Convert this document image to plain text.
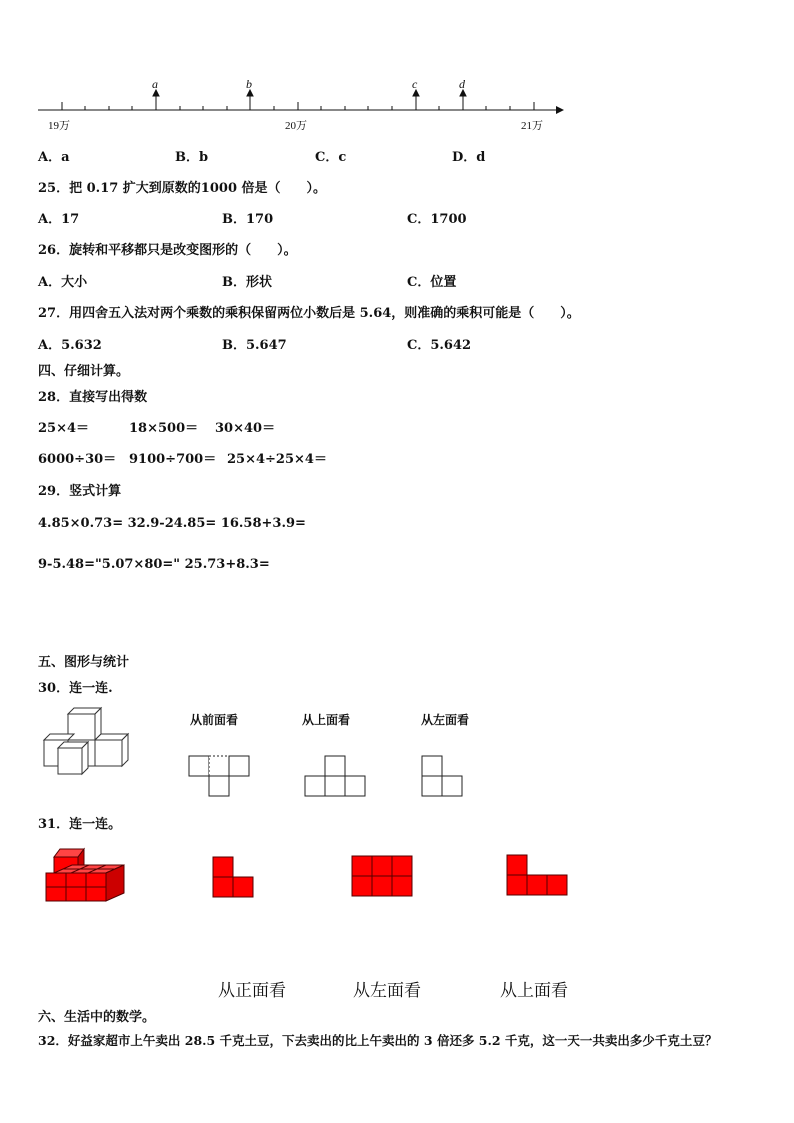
a	b	c	d
19万	20万	21万
A．a	B．b	C．c	D．d
25．把 0.17 扩大到原数的1000 倍是（　　）。
A．17	B．170	C．1700
26．旋转和平移都只是改变图形的（　　）。
A．大小	B．形状	C．位置
27．用四舍五入法对两个乘数的乘积保留两位小数后是 5.64，则准确的乘积可能是（　　）。
A．5.632	B．5.647	C．5.642
四、仔细计算。
28．直接写出得数
25×4＝	18×500＝ 30×40＝
6000÷30＝ 9100÷700＝ 25×4÷25×4＝
29．竖式计算
4.85×0.73= 32.9-24.85= 16.58+3.9=
9-5.48="5.07×80=" 25.73+8.3=
五、图形与统计
30．连一连.
从前面看	从上面看	从左面看
31．连一连。
从正面看	从左面看	从上面看
六、生活中的数学。
32．好益家超市上午卖出 28.5 千克土豆，下去卖出的比上午卖出的 3 倍还多 5.2 千克，这一天一共卖出多少千克土豆？
